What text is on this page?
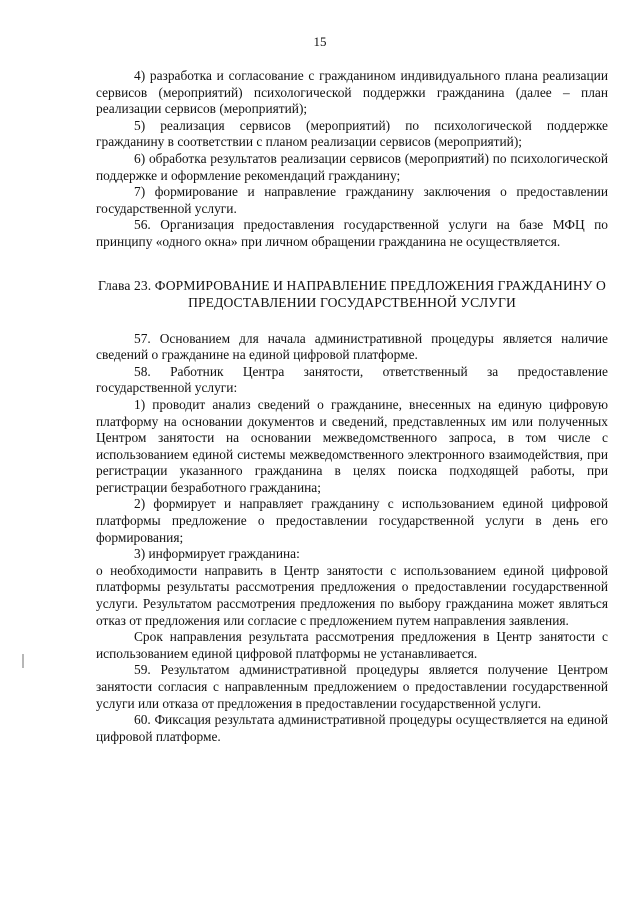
15

4) разработка и согласование с гражданином индивидуального плана реализации сервисов (мероприятий) психологической поддержки гражданина (далее – план реализации сервисов (мероприятий);

5) реализация сервисов (мероприятий) по психологической поддержке гражданину в соответствии с планом реализации сервисов (мероприятий);

6) обработка результатов реализации сервисов (мероприятий) по психологической поддержке и оформление рекомендаций гражданину;

7) формирование и направление гражданину заключения о предоставлении государственной услуги.

56. Организация предоставления государственной услуги на базе МФЦ по принципу «одного окна» при личном обращении гражданина не осуществляется.

Глава 23. ФОРМИРОВАНИЕ И НАПРАВЛЕНИЕ ПРЕДЛОЖЕНИЯ ГРАЖДАНИНУ О ПРЕДОСТАВЛЕНИИ ГОСУДАРСТВЕННОЙ УСЛУГИ

57. Основанием для начала административной процедуры является наличие сведений о гражданине на единой цифровой платформе.

58. Работник Центра занятости, ответственный за предоставление государственной услуги:

1) проводит анализ сведений о гражданине, внесенных на единую цифровую платформу на основании документов и сведений, представленных им или полученных Центром занятости на основании межведомственного запроса, в том числе с использованием единой системы межведомственного электронного взаимодействия, при регистрации указанного гражданина в целях поиска подходящей работы, при регистрации безработного гражданина;

2) формирует и направляет гражданину с использованием единой цифровой платформы предложение о предоставлении государственной услуги в день его формирования;

3) информирует гражданина:

о необходимости направить в Центр занятости с использованием единой цифровой платформы результаты рассмотрения предложения о предоставлении государственной услуги. Результатом рассмотрения предложения по выбору гражданина может являться отказ от предложения или согласие с предложением путем направления заявления.

Срок направления результата рассмотрения предложения в Центр занятости с использованием единой цифровой платформы не устанавливается.

59. Результатом административной процедуры является получение Центром занятости согласия с направленным предложением о предоставлении государственной услуги или отказа от предложения в предоставлении государственной услуги.

60. Фиксация результата административной процедуры осуществляется на единой цифровой платформе.
